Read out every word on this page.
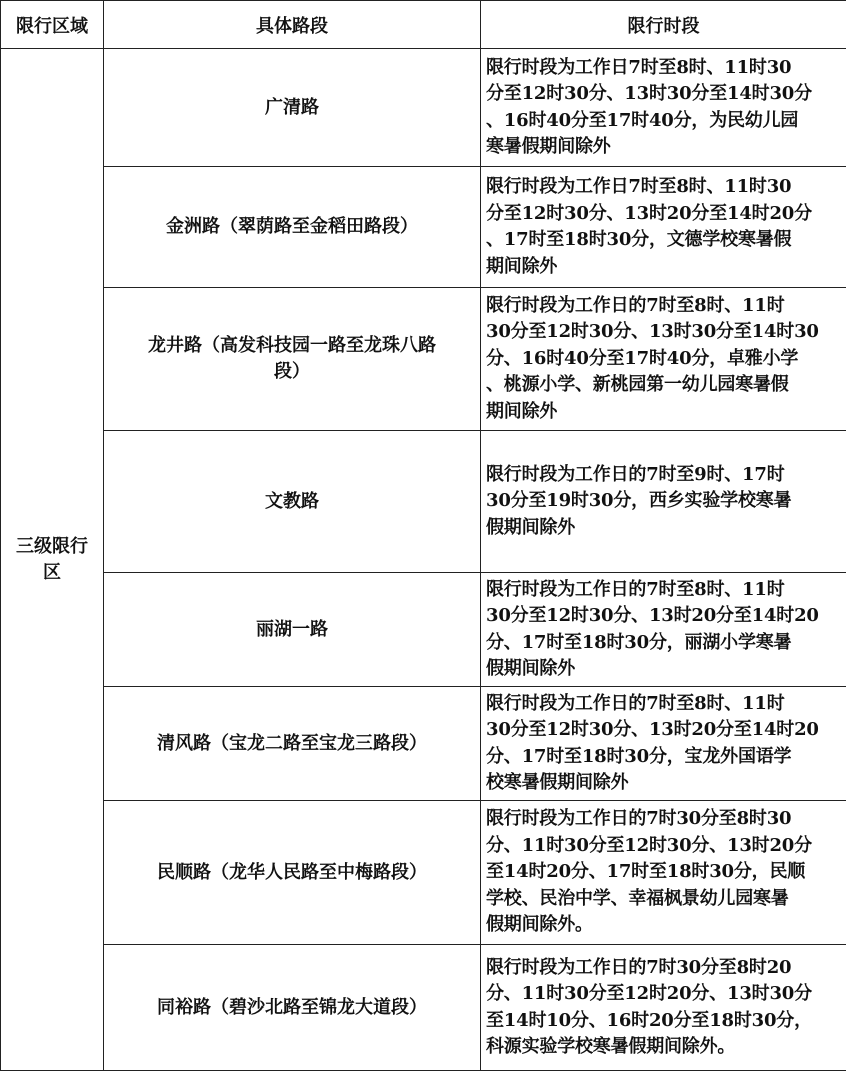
限行区域	具体路段	限行时段
三级限行
区	广清路	限行时段为工作日7时至8时、11时30
分至12时30分、13时30分至14时30分
、16时40分至17时40分，为民幼儿园
寒暑假期间除外
	金洲路（翠荫路至金稻田路段）	限行时段为工作日7时至8时、11时30
分至12时30分、13时20分至14时20分
、17时至18时30分，文德学校寒暑假
期间除外
	龙井路（高发科技园一路至龙珠八路
段）	限行时段为工作日的7时至8时、11时
30分至12时30分、13时30分至14时30
分、16时40分至17时40分，卓雅小学
、桃源小学、新桃园第一幼儿园寒暑假
期间除外
	文教路	限行时段为工作日的7时至9时、17时
30分至19时30分，西乡实验学校寒暑
假期间除外
	丽湖一路	限行时段为工作日的7时至8时、11时
30分至12时30分、13时20分至14时20
分、17时至18时30分，丽湖小学寒暑
假期间除外
	清风路（宝龙二路至宝龙三路段）	限行时段为工作日的7时至8时、11时
30分至12时30分、13时20分至14时20
分、17时至18时30分，宝龙外国语学
校寒暑假期间除外
	民顺路（龙华人民路至中梅路段）	限行时段为工作日的7时30分至8时30
分、11时30分至12时30分、13时20分
至14时20分、17时至18时30分，民顺
学校、民治中学、幸福枫景幼儿园寒暑
假期间除外。
	同裕路（碧沙北路至锦龙大道段）	限行时段为工作日的7时30分至8时20
分、11时30分至12时20分、13时30分
至14时10分、16时20分至18时30分，
科源实验学校寒暑假期间除外。
